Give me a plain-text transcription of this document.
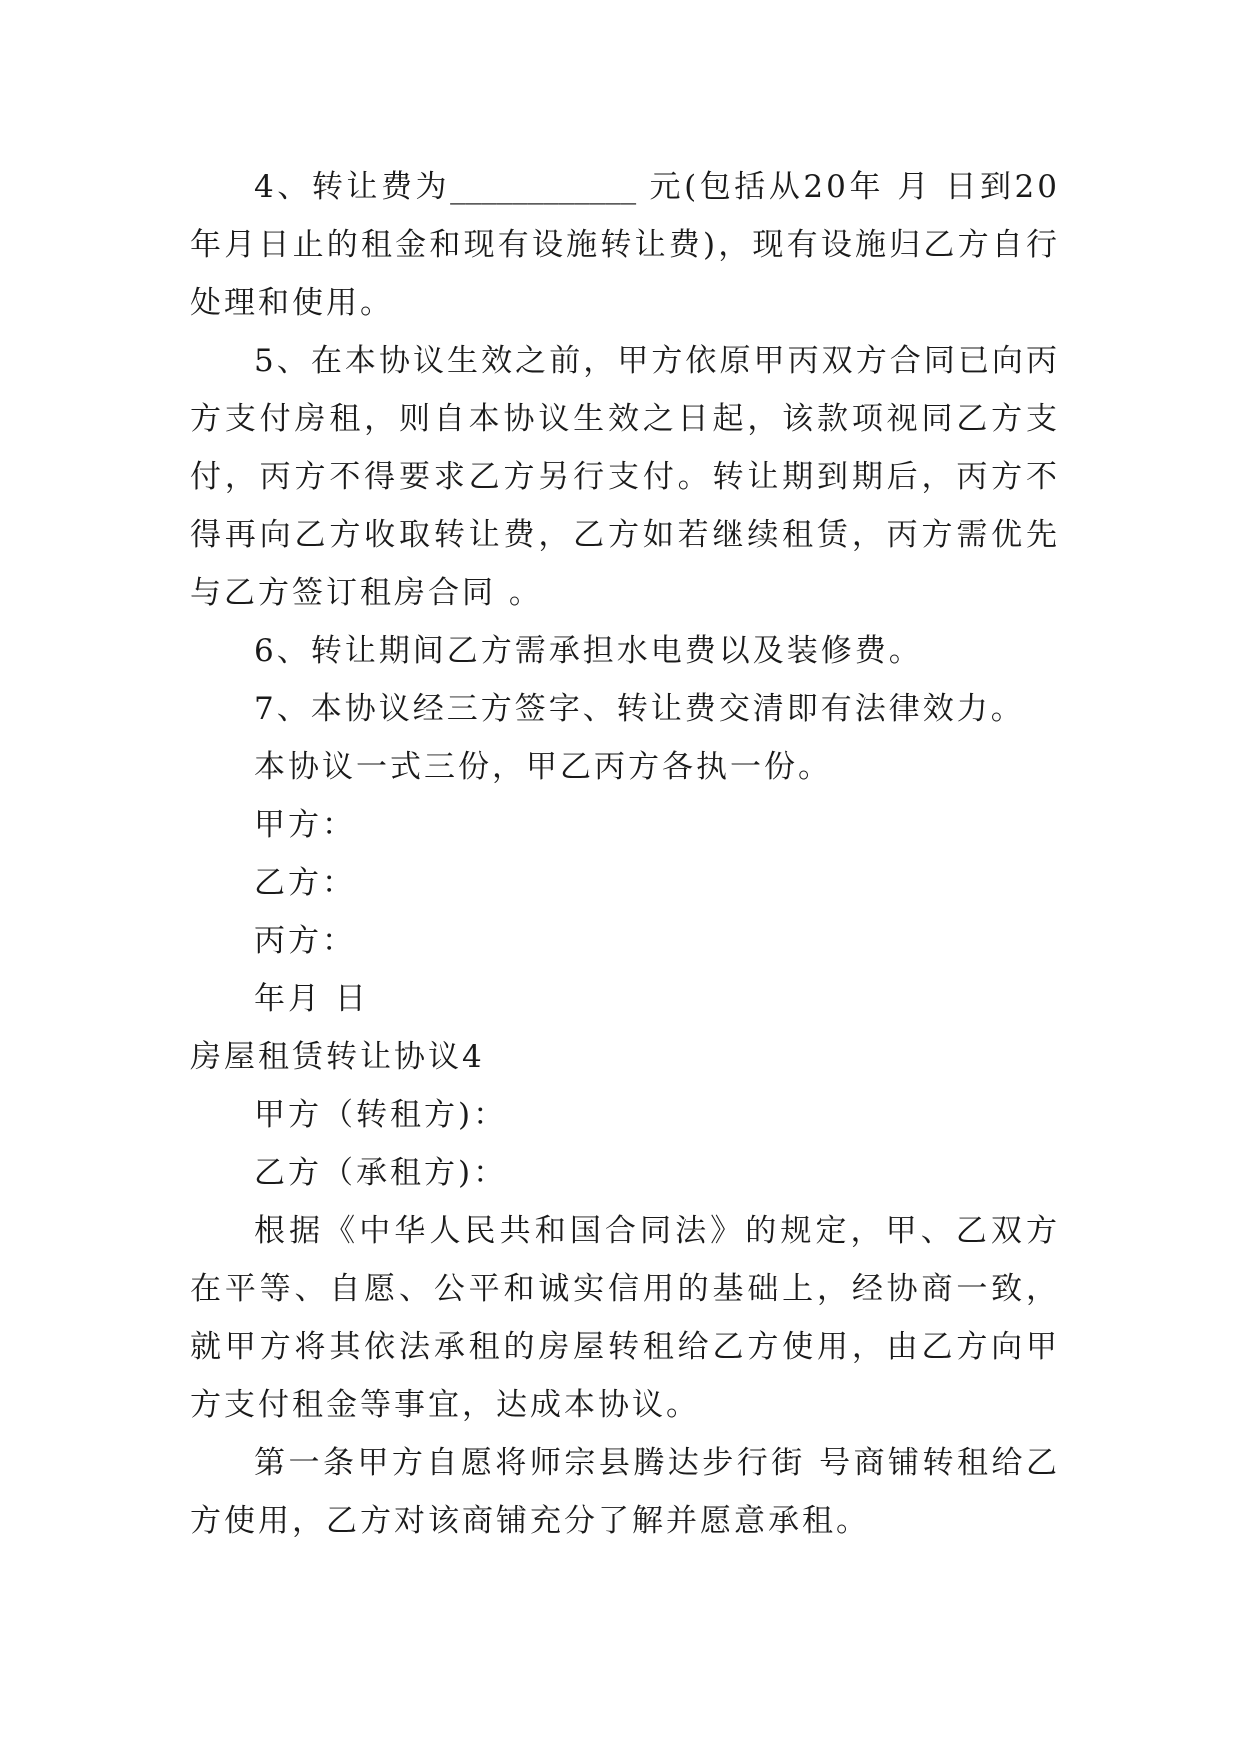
4、转让费为____________ 元(包括从20年 月 日到20年月日止的租金和现有设施转让费)，现有设施归乙方自行处理和使用。

5、在本协议生效之前，甲方依原甲丙双方合同已向丙方支付房租，则自本协议生效之日起，该款项视同乙方支付，丙方不得要求乙方另行支付。转让期到期后，丙方不得再向乙方收取转让费，乙方如若继续租赁，丙方需优先与乙方签订租房合同 。

6、转让期间乙方需承担水电费以及装修费。

7、本协议经三方签字、转让费交清即有法律效力。

本协议一式三份，甲乙丙方各执一份。

甲方：

乙方：

丙方：

年月 日

房屋租赁转让协议4

甲方（转租方)：

乙方（承租方)：

根据《中华人民共和国合同法》的规定，甲、乙双方在平等、自愿、公平和诚实信用的基础上，经协商一致，就甲方将其依法承租的房屋转租给乙方使用，由乙方向甲方支付租金等事宜，达成本协议。

第一条甲方自愿将师宗县腾达步行街 号商铺转租给乙方使用，乙方对该商铺充分了解并愿意承租。
